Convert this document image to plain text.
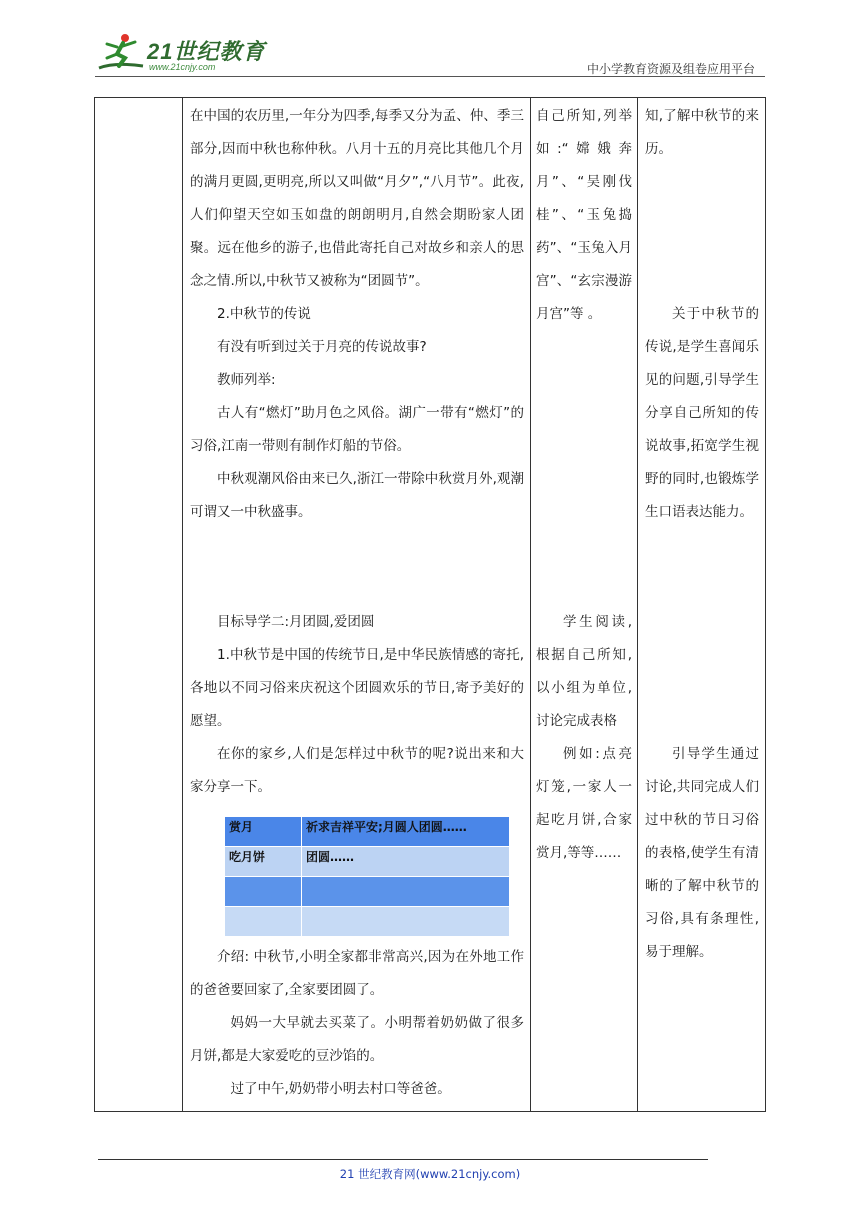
21世纪教育
www.21cnjy.com	中小学教育资源及组卷应用平台

在中国的农历里,一年分为四季,每季又分为孟、仲、季三部分,因而中秋也称仲秋。八月十五的月亮比其他几个月的满月更圆,更明亮,所以又叫做“月夕”,“八月节”。此夜,人们仰望天空如玉如盘的朗朗明月,自然会期盼家人团聚。远在他乡的游子,也借此寄托自己对故乡和亲人的思念之情.所以,中秋节又被称为“团圆节”。

2.中秋节的传说

有没有听到过关于月亮的传说故事?

教师列举:

古人有“燃灯”助月色之风俗。湖广一带有“燃灯”的习俗,江南一带则有制作灯船的节俗。

中秋观潮风俗由来已久,浙江一带除中秋赏月外,观潮可谓又一中秋盛事。

目标导学二:月团圆,爱团圆

1.中秋节是中国的传统节日,是中华民族情感的寄托,各地以不同习俗来庆祝这个团圆欢乐的节日,寄予美好的愿望。

在你的家乡,人们是怎样过中秋节的呢?说出来和大家分享一下。

赏月	祈求吉祥平安;月圆人团圆……
吃月饼	团圆……

介绍: 中秋节,小明全家都非常高兴,因为在外地工作的爸爸要回家了,全家要团圆了。

妈妈一大早就去买菜了。小明帮着奶奶做了很多月饼,都是大家爱吃的豆沙馅的。

过了中午,奶奶带小明去村口等爸爸。

自己所知,列举如:“嫦娥奔月”、“吴刚伐桂”、“玉兔捣药”、“玉兔入月宫”、“玄宗漫游月宫”等 。

学生阅读,根据自己所知,以小组为单位,讨论完成表格

例如:点亮灯笼,一家人一起吃月饼,合家赏月,等等……

知,了解中秋节的来历。

关于中秋节的传说,是学生喜闻乐见的问题,引导学生分享自己所知的传说故事,拓宽学生视野的同时,也锻炼学生口语表达能力。

引导学生通过讨论,共同完成人们过中秋的节日习俗的表格,使学生有清晰的了解中秋节的习俗,具有条理性,易于理解。

21 世纪教育网(www.21cnjy.com)
